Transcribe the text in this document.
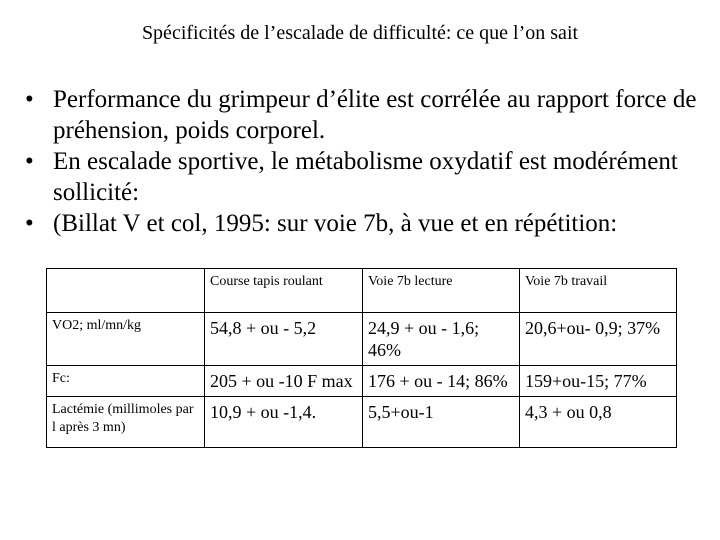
Spécificités de l’escalade de difficulté: ce que l’on sait
• Performance du grimpeur d’élite est corrélée au rapport force de préhension, poids corporel.
• En escalade sportive, le métabolisme oxydatif est modérément sollicité:
• (Billat V et col, 1995: sur voie 7b, à vue et en répétition:
	Course tapis roulant	Voie 7b lecture	Voie 7b travail
VO2; ml/mn/kg	54,8 + ou - 5,2	24,9 + ou - 1,6; 46%	20,6+ou- 0,9; 37%
Fc:	205 + ou -10 F max	176 + ou - 14; 86%	159+ou-15; 77%
Lactémie (millimoles par l après 3 mn)	10,9 + ou -1,4.	5,5+ou-1	4,3 + ou 0,8
